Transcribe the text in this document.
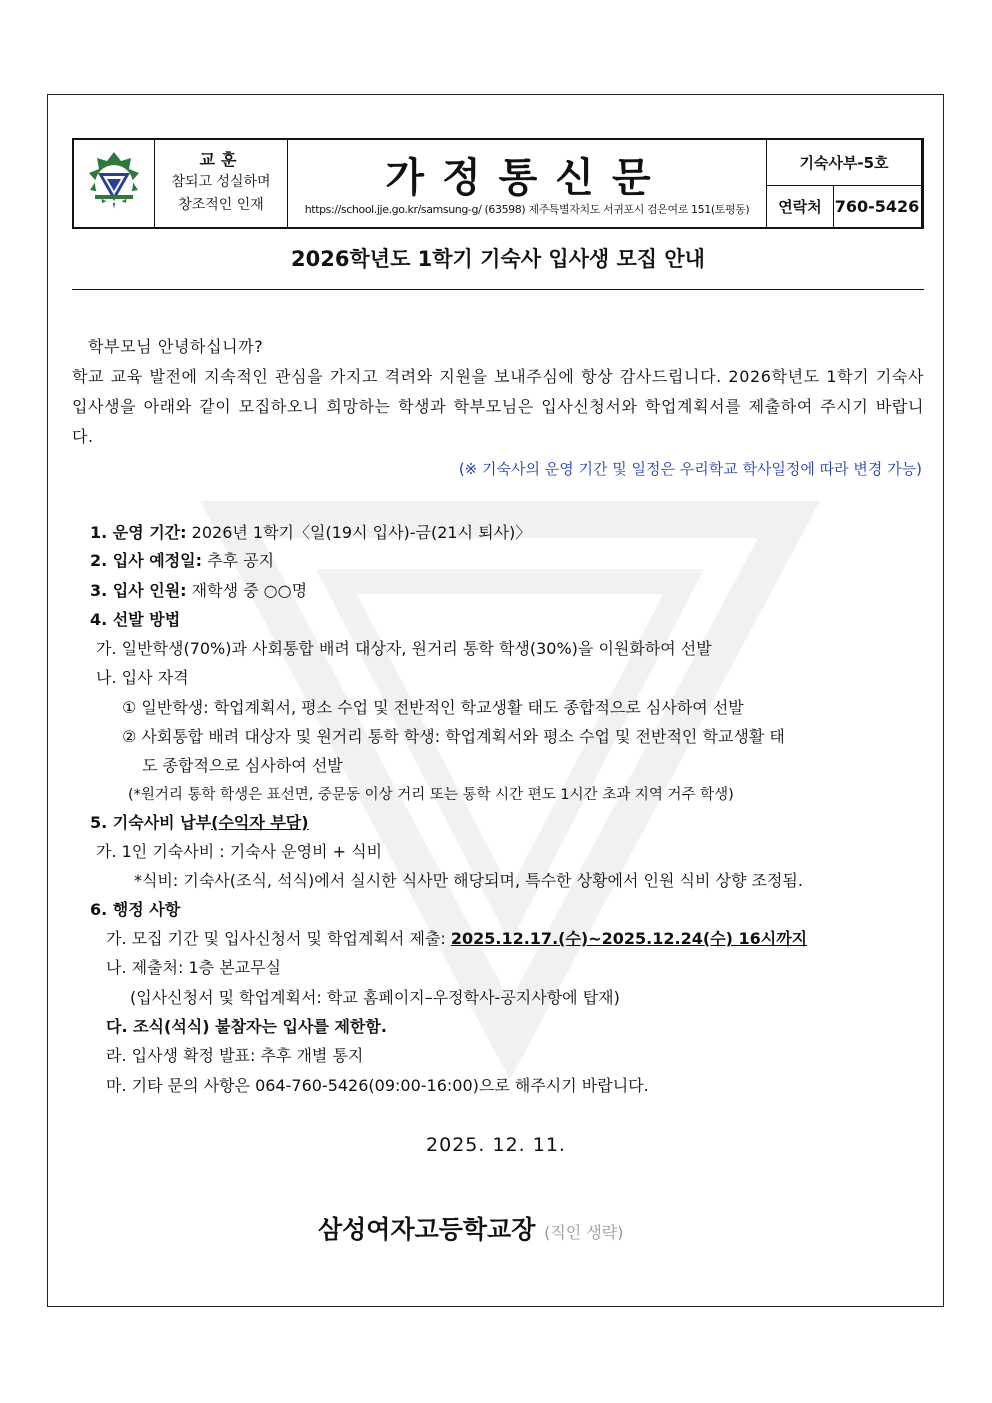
교훈
참되고 성실하며
창조적인 인재
가정통신문
https://school.jje.go.kr/samsung-g/ (63598) 제주특별자치도 서귀포시 검은여로 151(토평동)
기숙사부-5호
연락처 760-5426
2026학년도 1학기 기숙사 입사생 모집 안내
학부모님 안녕하십니까?
학교 교육 발전에 지속적인 관심을 가지고 격려와 지원을 보내주심에 항상 감사드립니다. 2026학년도 1학기 기숙사 입사생을 아래와 같이 모집하오니 희망하는 학생과 학부모님은 입사신청서와 학업계획서를 제출하여 주시기 바랍니다.
(※ 기숙사의 운영 기간 및 일정은 우리학교 학사일정에 따라 변경 가능)
1. 운영 기간: 2026년 1학기〈일(19시 입사)-금(21시 퇴사)〉
2. 입사 예정일: 추후 공지
3. 입사 인원: 재학생 중 ○○명
4. 선발 방법
가. 일반학생(70%)과 사회통합 배려 대상자, 원거리 통학 학생(30%)을 이원화하여 선발
나. 입사 자격
① 일반학생: 학업계획서, 평소 수업 및 전반적인 학교생활 태도 종합적으로 심사하여 선발
② 사회통합 배려 대상자 및 원거리 통학 학생: 학업계획서와 평소 수업 및 전반적인 학교생활 태
도 종합적으로 심사하여 선발
(*원거리 통학 학생은 표선면, 중문동 이상 거리 또는 통학 시간 편도 1시간 초과 지역 거주 학생)
5. 기숙사비 납부(수익자 부담)
가. 1인 기숙사비 : 기숙사 운영비 + 식비
*식비: 기숙사(조식, 석식)에서 실시한 식사만 해당되며, 특수한 상황에서 인원 식비 상향 조정됨.
6. 행정 사항
가. 모집 기간 및 입사신청서 및 학업계획서 제출: 2025.12.17.(수)~2025.12.24(수) 16시까지
나. 제출처: 1층 본교무실
(입사신청서 및 학업계획서: 학교 홈페이지–우정학사-공지사항에 탑재)
다. 조식(석식) 불참자는 입사를 제한함.
라. 입사생 확정 발표: 추후 개별 통지
마. 기타 문의 사항은 064-760-5426(09:00-16:00)으로 해주시기 바랍니다.
2025. 12. 11.
삼성여자고등학교장 (직인 생략)
